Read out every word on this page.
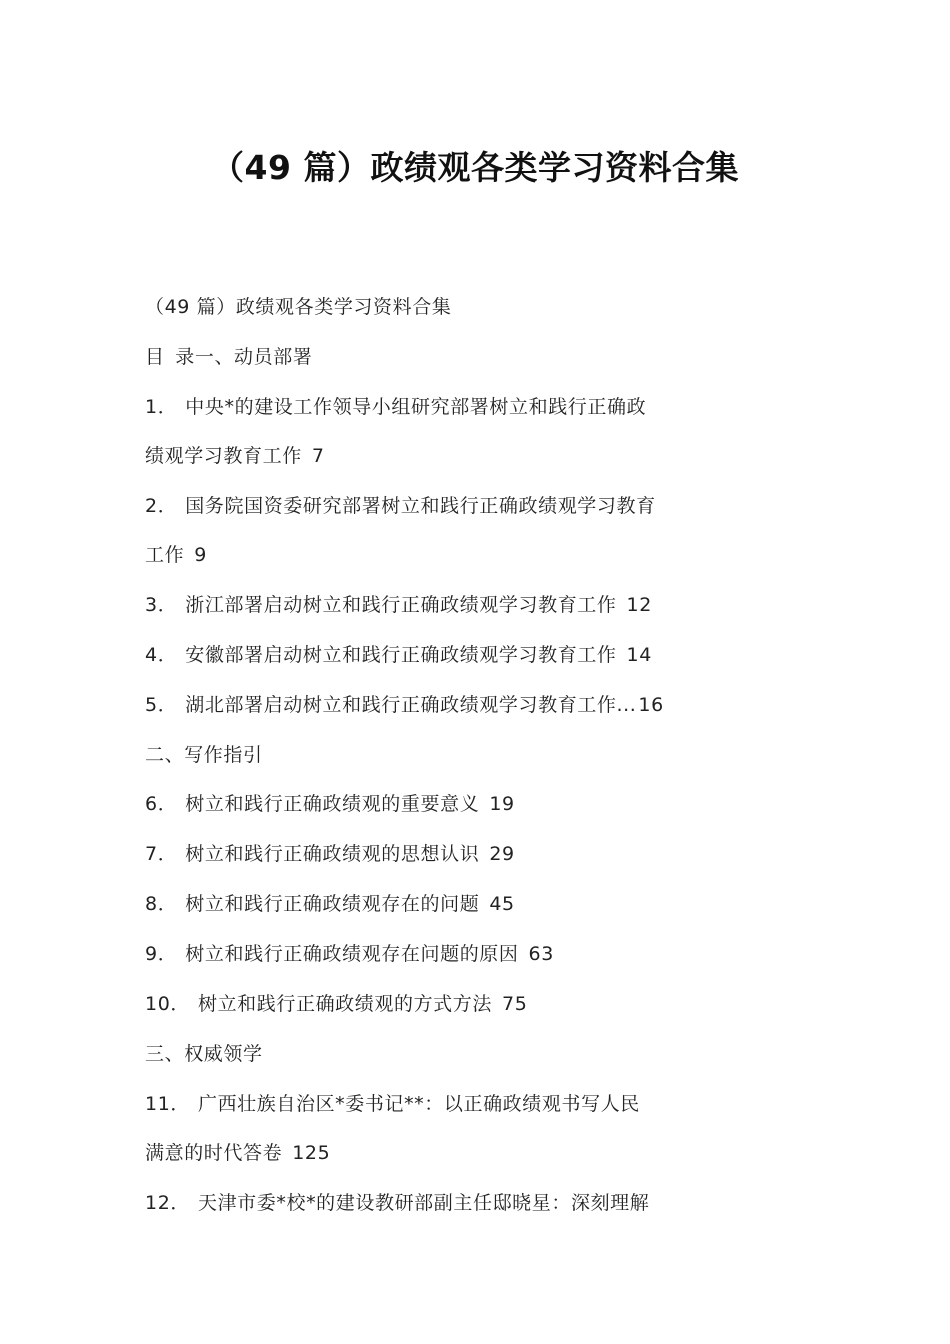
（49 篇）政绩观各类学习资料合集
（49 篇）政绩观各类学习资料合集
目 录一、动员部署
1． 中央*的建设工作领导小组研究部署树立和践行正确政
绩观学习教育工作 7
2． 国务院国资委研究部署树立和践行正确政绩观学习教育
工作 9
3． 浙江部署启动树立和践行正确政绩观学习教育工作 12
4． 安徽部署启动树立和践行正确政绩观学习教育工作 14
5． 湖北部署启动树立和践行正确政绩观学习教育工作... 16
二、写作指引
6． 树立和践行正确政绩观的重要意义 19
7． 树立和践行正确政绩观的思想认识 29
8． 树立和践行正确政绩观存在的问题 45
9． 树立和践行正确政绩观存在问题的原因 63
10． 树立和践行正确政绩观的方式方法 75
三、权威领学
11． 广西壮族自治区*委书记**：以正确政绩观书写人民
满意的时代答卷 125
12． 天津市委*校*的建设教研部副主任邸晓星：深刻理解
